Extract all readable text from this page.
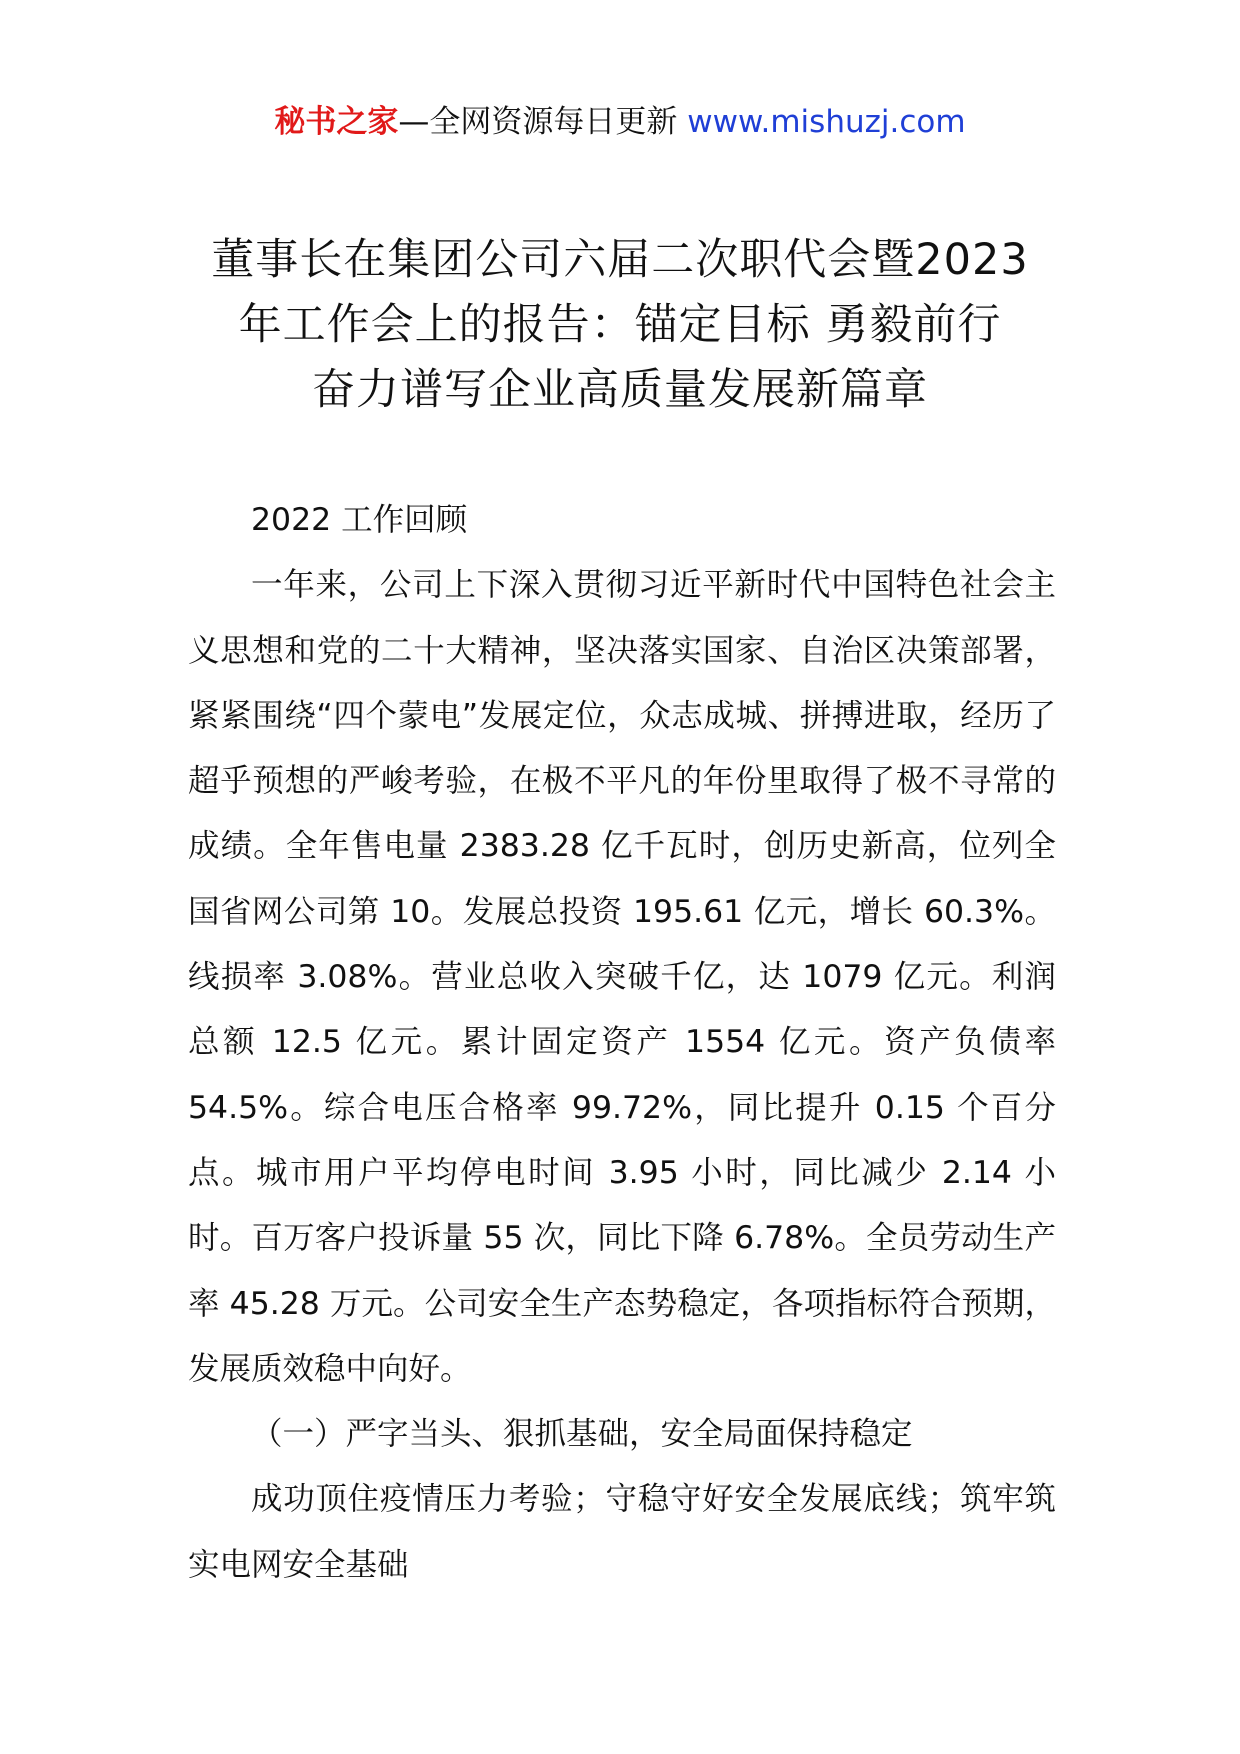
秘书之家—全网资源每日更新 www.mishuzj.com
董事长在集团公司六届二次职代会暨2023
年工作会上的报告：锚定目标 勇毅前行
奋力谱写企业高质量发展新篇章

2022 工作回顾

一年来，公司上下深入贯彻习近平新时代中国特色社会主义思想和党的二十大精神，坚决落实国家、自治区决策部署，紧紧围绕“四个蒙电”发展定位，众志成城、拼搏进取，经历了超乎预想的严峻考验，在极不平凡的年份里取得了极不寻常的成绩。全年售电量 2383.28 亿千瓦时，创历史新高，位列全国省网公司第 10。发展总投资 195.61 亿元，增长 60.3%。线损率 3.08%。营业总收入突破千亿，达 1079 亿元。利润总额 12.5 亿元。累计固定资产 1554 亿元。资产负债率 54.5%。综合电压合格率 99.72%，同比提升 0.15 个百分点。城市用户平均停电时间 3.95 小时，同比减少 2.14 小时。百万客户投诉量 55 次，同比下降 6.78%。全员劳动生产率 45.28 万元。公司安全生产态势稳定，各项指标符合预期，发展质效稳中向好。

（一）严字当头、狠抓基础，安全局面保持稳定

成功顶住疫情压力考验；守稳守好安全发展底线；筑牢筑实电网安全基础
